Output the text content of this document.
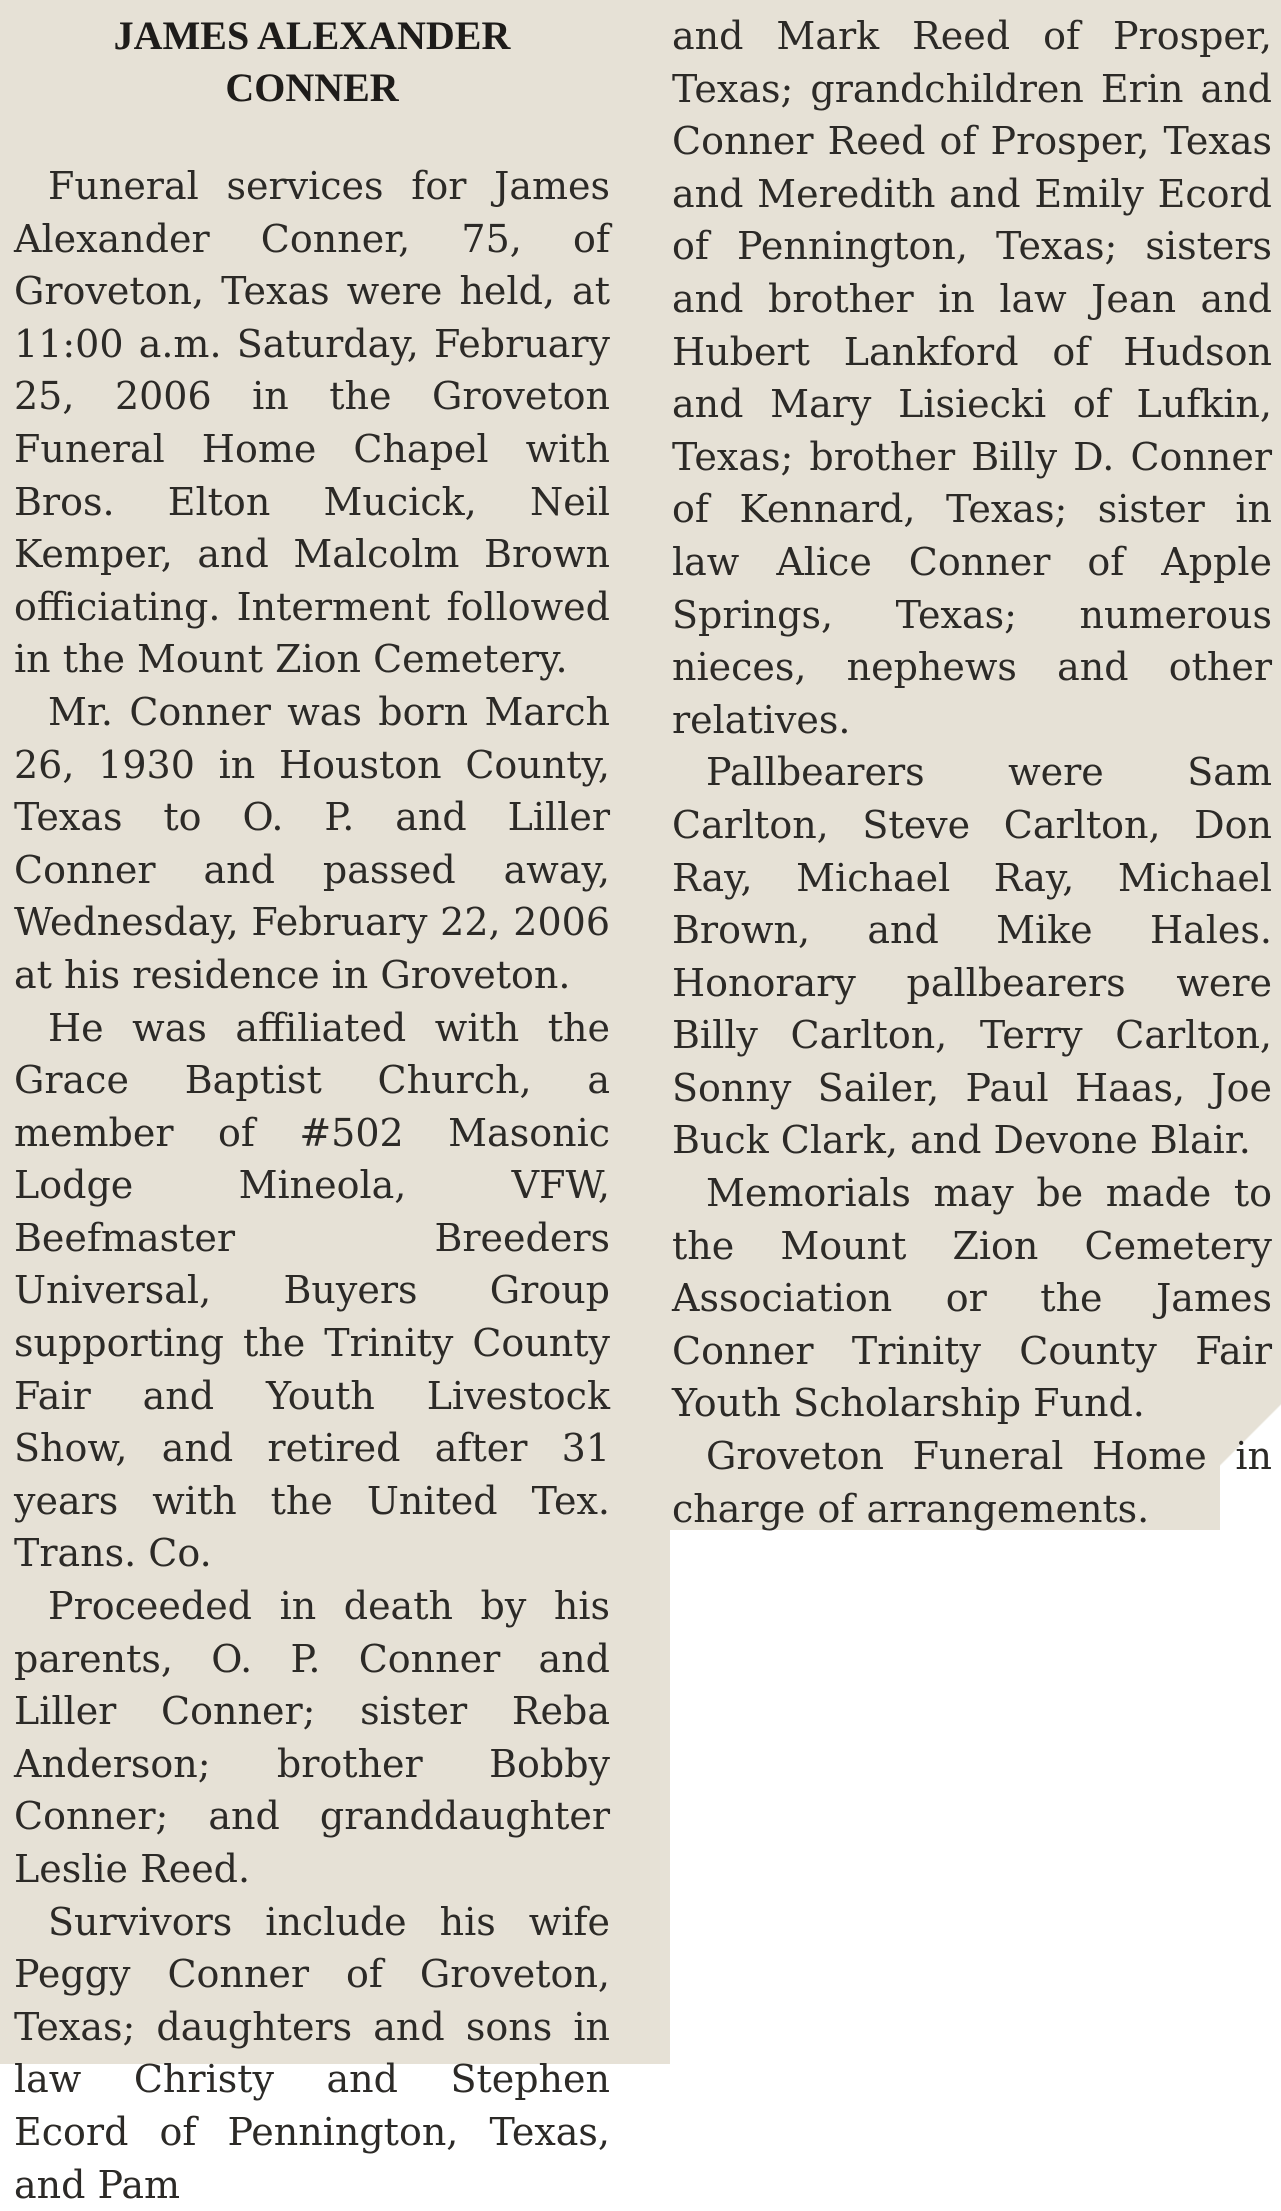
JAMES ALEXANDER
CONNER

Funeral services for James Alexander Conner, 75, of Groveton, Texas were held, at 11:00 a.m. Saturday, February 25, 2006 in the Groveton Funeral Home Chapel with Bros. Elton Mucick, Neil Kemper, and Malcolm Brown officiating. Interment followed in the Mount Zion Cemetery.

Mr. Conner was born March 26, 1930 in Houston County, Texas to O. P. and Liller Conner and passed away, Wednesday, February 22, 2006 at his residence in Groveton.

He was affiliated with the Grace Baptist Church, a member of #502 Masonic Lodge Mineola, VFW, Beefmaster Breeders Universal, Buyers Group supporting the Trinity County Fair and Youth Livestock Show, and retired after 31 years with the United Tex. Trans. Co.

Proceeded in death by his parents, O. P. Conner and Liller Conner; sister Reba Anderson; brother Bobby Conner; and granddaughter Leslie Reed.

Survivors include his wife Peggy Conner of Groveton, Texas; daughters and sons in law Christy and Stephen Ecord of Pennington, Texas, and Pam

and Mark Reed of Prosper, Texas; grandchildren Erin and Conner Reed of Prosper, Texas and Meredith and Emily Ecord of Pennington, Texas; sisters and brother in law Jean and Hubert Lankford of Hudson and Mary Lisiecki of Lufkin, Texas; brother Billy D. Conner of Kennard, Texas; sister in law Alice Conner of Apple Springs, Texas; numerous nieces, nephews and other relatives.

Pallbearers were Sam Carlton, Steve Carlton, Don Ray, Michael Ray, Michael Brown, and Mike Hales. Honorary pallbearers were Billy Carlton, Terry Carlton, Sonny Sailer, Paul Haas, Joe Buck Clark, and Devone Blair.

Memorials may be made to the Mount Zion Cemetery Association or the James Conner Trinity County Fair Youth Scholarship Fund.

Groveton Funeral Home in charge of arrangements.
